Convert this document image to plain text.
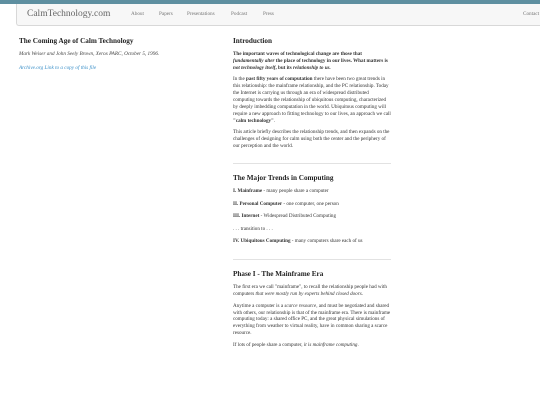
CalmTechnology.com	About	Papers	Presentations	Podcast	Press	Contact
The Coming Age of Calm Technology
Mark Weiser and John Seely Brown, Xerox PARC, October 5, 1996.
Archive.org Link to a copy of this file
Introduction

The important waves of technological change are those that fundamentally alter the place of technology in our lives. What matters is not technology itself, but its relationship to us.

In the past fifty years of computation there have been two great trends in this relationship: the mainframe relationship, and the PC relationship. Today the Internet is carrying us through an era of widespread distributed computing towards the relationship of ubiquitous computing, characterized by deeply imbedding computation in the world. Ubiquitous computing will require a new approach to fitting technology to our lives, an approach we call "calm technology".

This article briefly describes the relationship trends, and then expands on the challenges of designing for calm using both the center and the periphery of our perception and the world.

The Major Trends in Computing

I. Mainframe - many people share a computer

II. Personal Computer - one computer, one person

III. Internet - Widespread Distributed Computing

. . . transition to . . .

IV. Ubiquitous Computing - many computers share each of us

Phase I - The Mainframe Era

The first era we call "mainframe", to recall the relationship people had with computers that were mostly run by experts behind closed doors.

Anytime a computer is a scarce resource, and must be negotiated and shared with others, our relationship is that of the mainframe era. There is mainframe computing today: a shared office PC, and the great physical simulations of everything from weather to virtual reality, have in common sharing a scarce resource.

If lots of people share a computer, it is mainframe computing.
